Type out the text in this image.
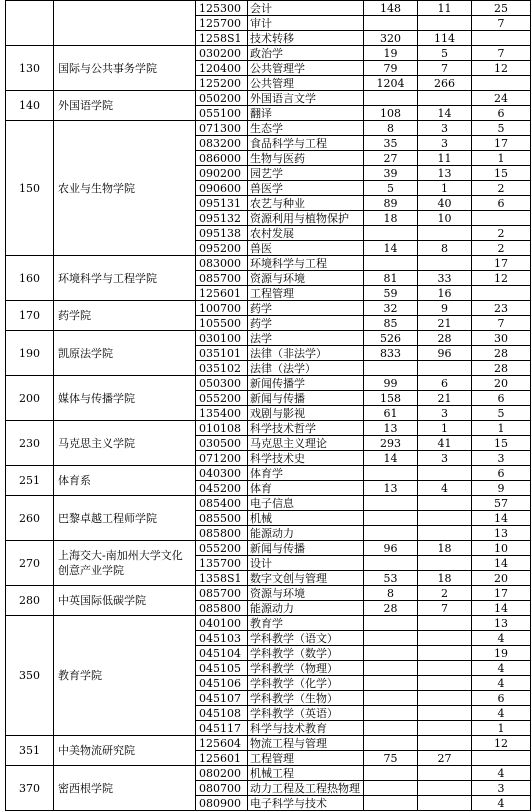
		125300	会计	148	11	25
		125700	审计			7
		1258S1	技术转移	320	114	
130	国际与公共事务学院	030200	政治学	19	5	7
		120400	公共管理学	79	7	12
		125200	公共管理	1204	266	
140	外国语学院	050200	外国语言文学			24
		055100	翻译	108	14	6
150	农业与生物学院	071300	生态学	8	3	5
		083200	食品科学与工程	35	3	17
		086000	生物与医药	27	11	1
		090200	园艺学	39	13	15
		090600	兽医学	5	1	2
		095131	农艺与种业	89	40	6
		095132	资源利用与植物保护	18	10	
		095138	农村发展			2
		095200	兽医	14	8	2
160	环境科学与工程学院	083000	环境科学与工程			17
		085700	资源与环境	81	33	12
		125601	工程管理	59	16	
170	药学院	100700	药学	32	9	23
		105500	药学	85	21	7
190	凯原法学院	030100	法学	526	28	30
		035101	法律（非法学）	833	96	28
		035102	法律（法学）			28
200	媒体与传播学院	050300	新闻传播学	99	6	20
		055200	新闻与传播	158	21	6
		135400	戏剧与影视	61	3	5
230	马克思主义学院	010108	科学技术哲学	13	1	1
		030500	马克思主义理论	293	41	15
		071200	科学技术史	14	3	3
251	体育系	040300	体育学			6
		045200	体育	13	4	9
260	巴黎卓越工程师学院	085400	电子信息			57
		085500	机械			14
		085800	能源动力			13
270	上海交大-南加州大学文化创意产业学院	055200	新闻与传播	96	18	10
		135700	设计			14
		1358S1	数字文创与管理	53	18	20
280	中英国际低碳学院	085700	资源与环境	8	2	17
		085800	能源动力	28	7	14
350	教育学院	040100	教育学			13
		045103	学科教学（语文）			4
		045104	学科教学（数学）			19
		045105	学科教学（物理）			4
		045106	学科教学（化学）			4
		045107	学科教学（生物）			6
		045108	学科教学（英语）			4
		045117	科学与技术教育			1
351	中美物流研究院	125604	物流工程与管理			12
		125601	工程管理	75	27	
370	密西根学院	080200	机械工程			4
		080700	动力工程及工程热物理			3
		080900	电子科学与技术			4
